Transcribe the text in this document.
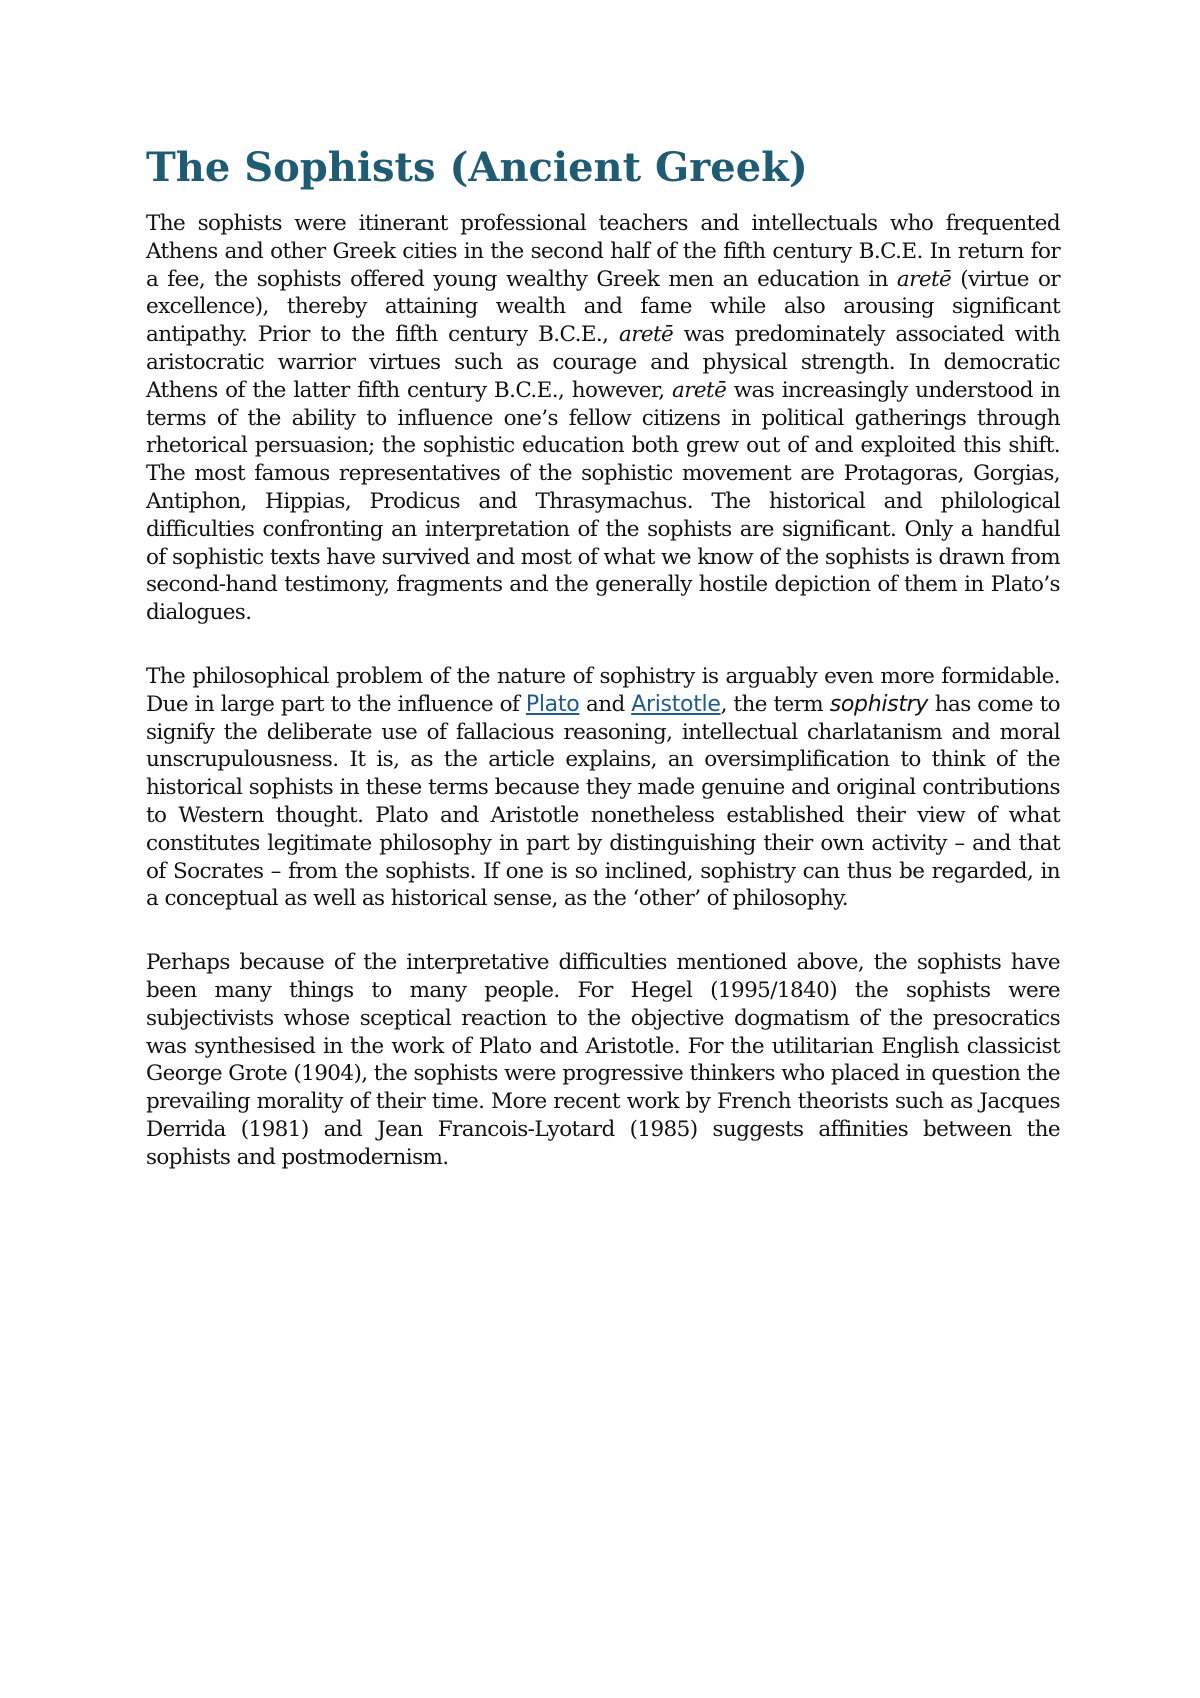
The Sophists (Ancient Greek)

The sophists were itinerant professional teachers and intellectuals who frequented Athens and other Greek cities in the second half of the fifth century B.C.E. In return for a fee, the sophists offered young wealthy Greek men an education in aretē (virtue or excellence), thereby attaining wealth and fame while also arousing significant antipathy. Prior to the fifth century B.C.E., aretē was predominately associated with aristocratic warrior virtues such as courage and physical strength. In democratic Athens of the latter fifth century B.C.E., however, aretē was increasingly understood in terms of the ability to influence one’s fellow citizens in political gatherings through rhetorical persuasion; the sophistic education both grew out of and exploited this shift. The most famous representatives of the sophistic movement are Protagoras, Gorgias, Antiphon, Hippias, Prodicus and Thrasymachus. The historical and philological difficulties confronting an interpretation of the sophists are significant. Only a handful of sophistic texts have survived and most of what we know of the sophists is drawn from second-hand testimony, fragments and the generally hostile depiction of them in Plato’s dialogues.

The philosophical problem of the nature of sophistry is arguably even more formidable. Due in large part to the influence of Plato and Aristotle, the term sophistry has come to signify the deliberate use of fallacious reasoning, intellectual charlatanism and moral unscrupulousness. It is, as the article explains, an oversimplification to think of the historical sophists in these terms because they made genuine and original contributions to Western thought. Plato and Aristotle nonetheless established their view of what constitutes legitimate philosophy in part by distinguishing their own activity – and that of Socrates – from the sophists. If one is so inclined, sophistry can thus be regarded, in a conceptual as well as historical sense, as the ‘other’ of philosophy.

Perhaps because of the interpretative difficulties mentioned above, the sophists have been many things to many people. For Hegel (1995/1840) the sophists were subjectivists whose sceptical reaction to the objective dogmatism of the presocratics was synthesised in the work of Plato and Aristotle. For the utilitarian English classicist George Grote (1904), the sophists were progressive thinkers who placed in question the prevailing morality of their time. More recent work by French theorists such as Jacques Derrida (1981) and Jean Francois-Lyotard (1985) suggests affinities between the sophists and postmodernism.
